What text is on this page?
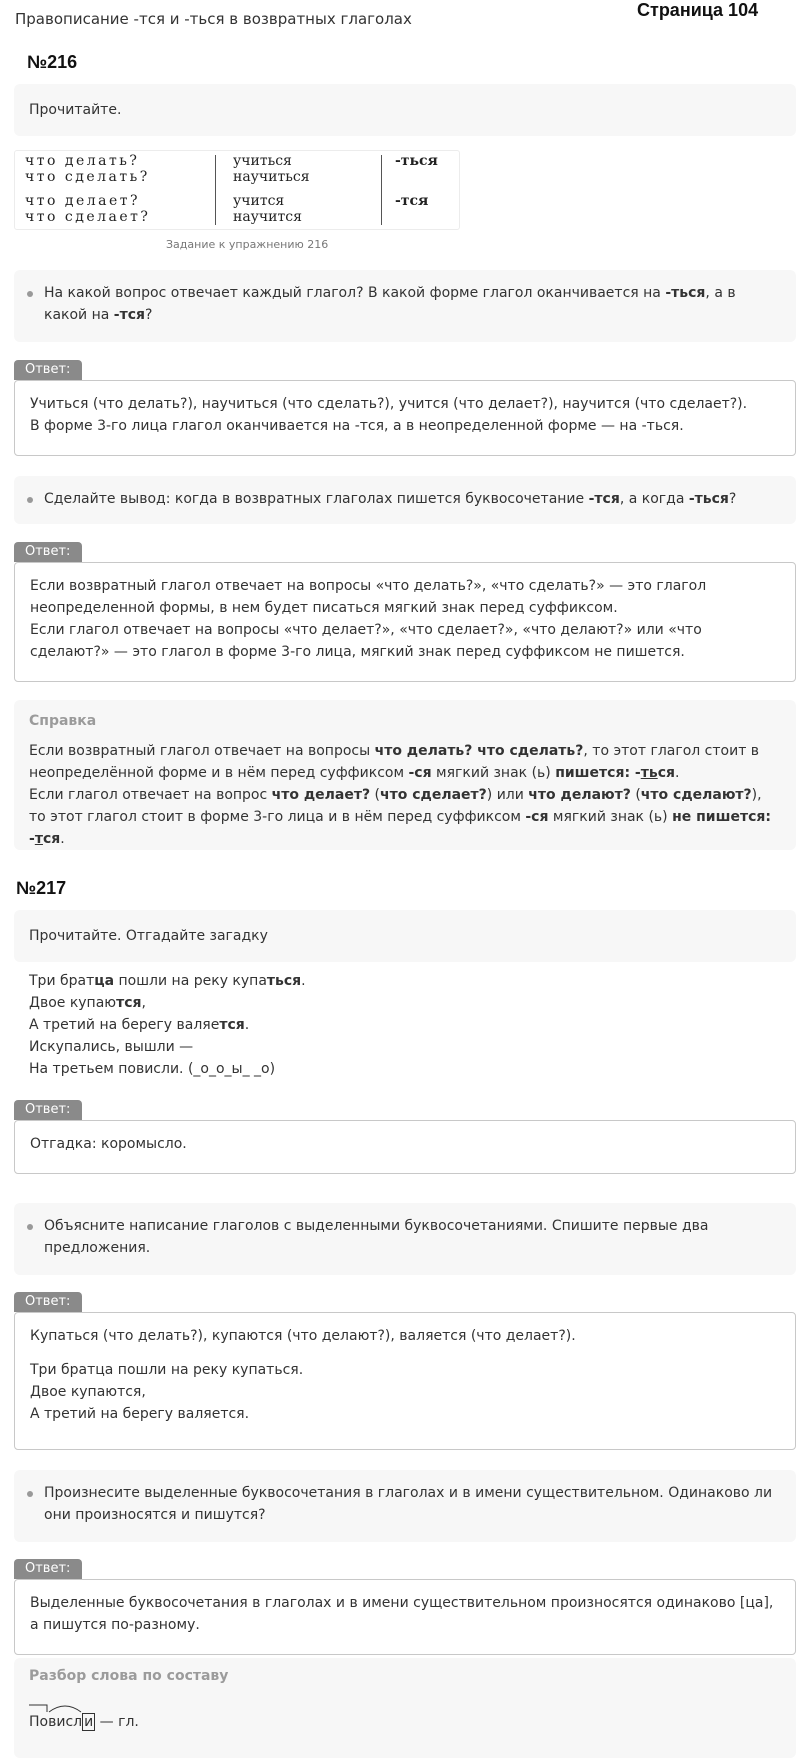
Правописание -тся и -ться в возвратных глаголах	Страница 104
№216
Прочитайте.
что делать?
что сделать?
что делает?
что сделает?
учиться
научиться
учится
научится
-ться
-тся
Задание к упражнению 216
На какой вопрос отвечает каждый глагол? В какой форме глагол оканчивается на -ться, а в какой на -тся?
Ответ:

Учиться (что делать?), научиться (что сделать?), учится (что делает?), научится (что сделает?).

В форме 3-го лица глагол оканчивается на -тся, а в неопределенной форме — на -ться.

Сделайте вывод: когда в возвратных глаголах пишется буквосочетание -тся, а когда -ться?
Ответ:

Если возвратный глагол отвечает на вопросы «что делать?», «что сделать?» — это глагол неопределенной формы, в нем будет писаться мягкий знак перед суффиксом.

Если глагол отвечает на вопросы «что делает?», «что сделает?», «что делают?» или «что сделают?» — это глагол в форме 3-го лица, мягкий знак перед суффиксом не пишется.

Справка
Если возвратный глагол отвечает на вопросы что делать? что сделать?, то этот глагол стоит в неопределённой форме и в нём перед суффиксом -ся мягкий знак (ь) пишется: -ться.
Если глагол отвечает на вопрос что делает? (что сделает?) или что делают? (что сделают?), то этот глагол стоит в форме 3-го лица и в нём перед суффиксом -ся мягкий знак (ь) не пишется: -тся.
№217
Прочитайте. Отгадайте загадку
Три братца пошли на реку купаться.
Двое купаются,
А третий на берегу валяется.
Искупались, вышли —
На третьем повисли. (_о_о_ы_ _о)
Ответ:

Отгадка: коромысло.

Объясните написание глаголов с выделенными буквосочетаниями. Спишите первые два предложения.
Ответ:

Купаться (что делать?), купаются (что делают?), валяется (что делает?).

Три братца пошли на реку купаться.

Двое купаются,

А третий на берегу валяется.

Произнесите выделенные буквосочетания в глаголах и в имени существительном. Одинаково ли они произносятся и пишутся?
Ответ:

Выделенные буквосочетания в глаголах и в имени существительном произносятся одинаково [ца], а пишутся по-разному.

Разбор слова по составу
Повисл и — гл.
